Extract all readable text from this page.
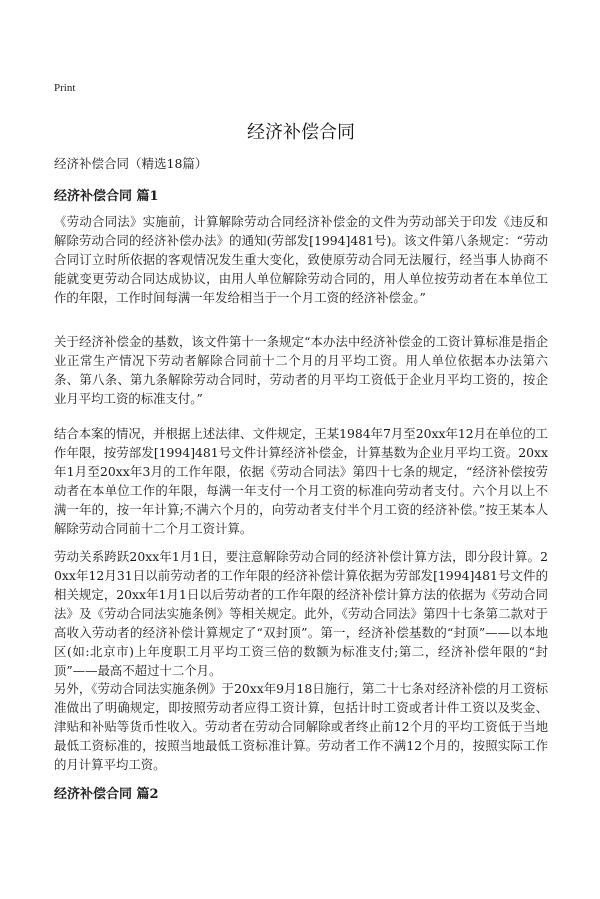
Print
经济补偿合同

经济补偿合同（精选18篇）

经济补偿合同 篇1

《劳动合同法》实施前，计算解除劳动合同经济补偿金的文件为劳动部关于印发《违反和解除劳动合同的经济补偿办法》的通知(劳部发[1994]481号)。该文件第八条规定：“劳动合同订立时所依据的客观情况发生重大变化，致使原劳动合同无法履行，经当事人协商不能就变更劳动合同达成协议，由用人单位解除劳动合同的，用人单位按劳动者在本单位工作的年限，工作时间每满一年发给相当于一个月工资的经济补偿金。”

关于经济补偿金的基数，该文件第十一条规定“本办法中经济补偿金的工资计算标准是指企业正常生产情况下劳动者解除合同前十二个月的月平均工资。用人单位依据本办法第六条、第八条、第九条解除劳动合同时，劳动者的月平均工资低于企业月平均工资的，按企业月平均工资的标准支付。”

结合本案的情况，并根据上述法律、文件规定，王某1984年7月至20xx年12月在单位的工作年限，按劳部发[1994]481号文件计算经济补偿金，计算基数为企业月平均工资。20xx年1月至20xx年3月的工作年限，依据《劳动合同法》第四十七条的规定，“经济补偿按劳动者在本单位工作的年限，每满一年支付一个月工资的标准向劳动者支付。六个月以上不满一年的，按一年计算;不满六个月的，向劳动者支付半个月工资的经济补偿。”按王某本人解除劳动合同前十二个月工资计算。

劳动关系跨跃20xx年1月1日，要注意解除劳动合同的经济补偿计算方法，即分段计算。20xx年12月31日以前劳动者的工作年限的经济补偿计算依据为劳部发[1994]481号文件的相关规定，20xx年1月1日以后劳动者的工作年限的经济补偿计算方法的依据为《劳动合同法》及《劳动合同法实施条例》等相关规定。此外，《劳动合同法》第四十七条第二款对于高收入劳动者的经济补偿计算规定了“双封顶”。第一，经济补偿基数的“封顶”——以本地区(如:北京市)上年度职工月平均工资三倍的数额为标准支付;第二，经济补偿年限的“封顶”——最高不超过十二个月。

另外，《劳动合同法实施条例》于20xx年9月18日施行，第二十七条对经济补偿的月工资标准做出了明确规定，即按照劳动者应得工资计算，包括计时工资或者计件工资以及奖金、津贴和补贴等货币性收入。劳动者在劳动合同解除或者终止前12个月的平均工资低于当地最低工资标准的，按照当地最低工资标准计算。劳动者工作不满12个月的，按照实际工作的月计算平均工资。

经济补偿合同 篇2
